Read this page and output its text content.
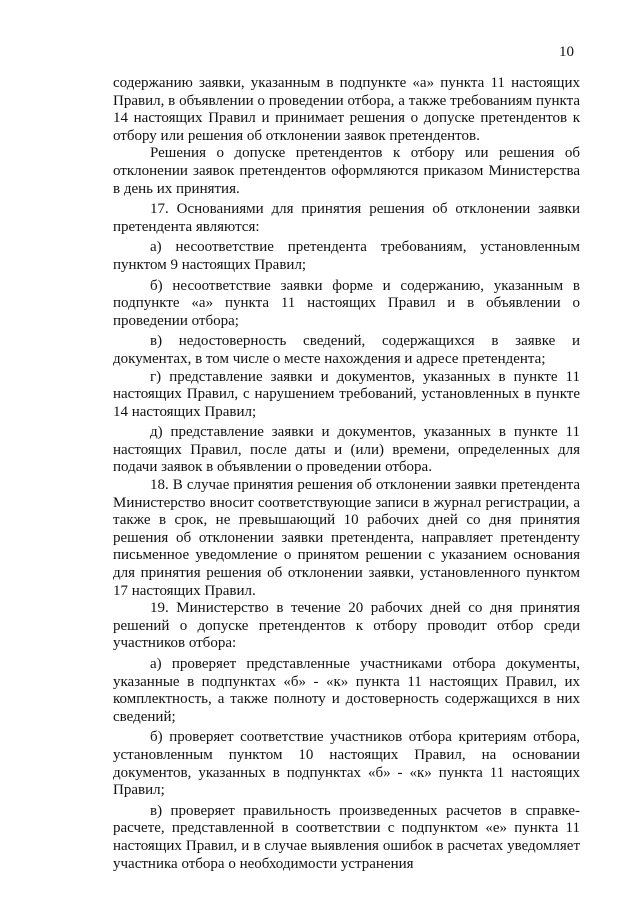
10

содержанию заявки, указанным в подпункте «а» пункта 11 настоящих Правил, в объявлении о проведении отбора, а также требованиям пункта 14 настоящих Правил и принимает решения о допуске претендентов к отбору или решения об отклонении заявок претендентов.

Решения о допуске претендентов к отбору или решения об отклонении заявок претендентов оформляются приказом Министерства в день их принятия.

17. Основаниями для принятия решения об отклонении заявки претендента являются:

а) несоответствие претендента требованиям, установленным пунктом 9 настоящих Правил;

б) несоответствие заявки форме и содержанию, указанным в подпункте «а» пункта 11 настоящих Правил и в объявлении о проведении отбора;

в) недостоверность сведений, содержащихся в заявке и документах, в том числе о месте нахождения и адресе претендента;

г) представление заявки и документов, указанных в пункте 11 настоящих Правил, с нарушением требований, установленных в пункте 14 настоящих Правил;

д) представление заявки и документов, указанных в пункте 11 настоящих Правил, после даты и (или) времени, определенных для подачи заявок в объявлении о проведении отбора.

18. В случае принятия решения об отклонении заявки претендента Министерство вносит соответствующие записи в журнал регистрации, а также в срок, не превышающий 10 рабочих дней со дня принятия решения об отклонении заявки претендента, направляет претенденту письменное уведомление о принятом решении с указанием основания для принятия решения об отклонении заявки, установленного пунктом 17 настоящих Правил.

19. Министерство в течение 20 рабочих дней со дня принятия решений о допуске претендентов к отбору проводит отбор среди участников отбора:

а) проверяет представленные участниками отбора документы, указанные в подпунктах «б» - «к» пункта 11 настоящих Правил, их комплектность, а также полноту и достоверность содержащихся в них сведений;

б) проверяет соответствие участников отбора критериям отбора, установленным пунктом 10 настоящих Правил, на основании документов, указанных в подпунктах «б» - «к» пункта 11 настоящих Правил;

в) проверяет правильность произведенных расчетов в справке-расчете, представленной в соответствии с подпунктом «е» пункта 11 настоящих Правил, и в случае выявления ошибок в расчетах уведомляет участника отбора о необходимости устранения
